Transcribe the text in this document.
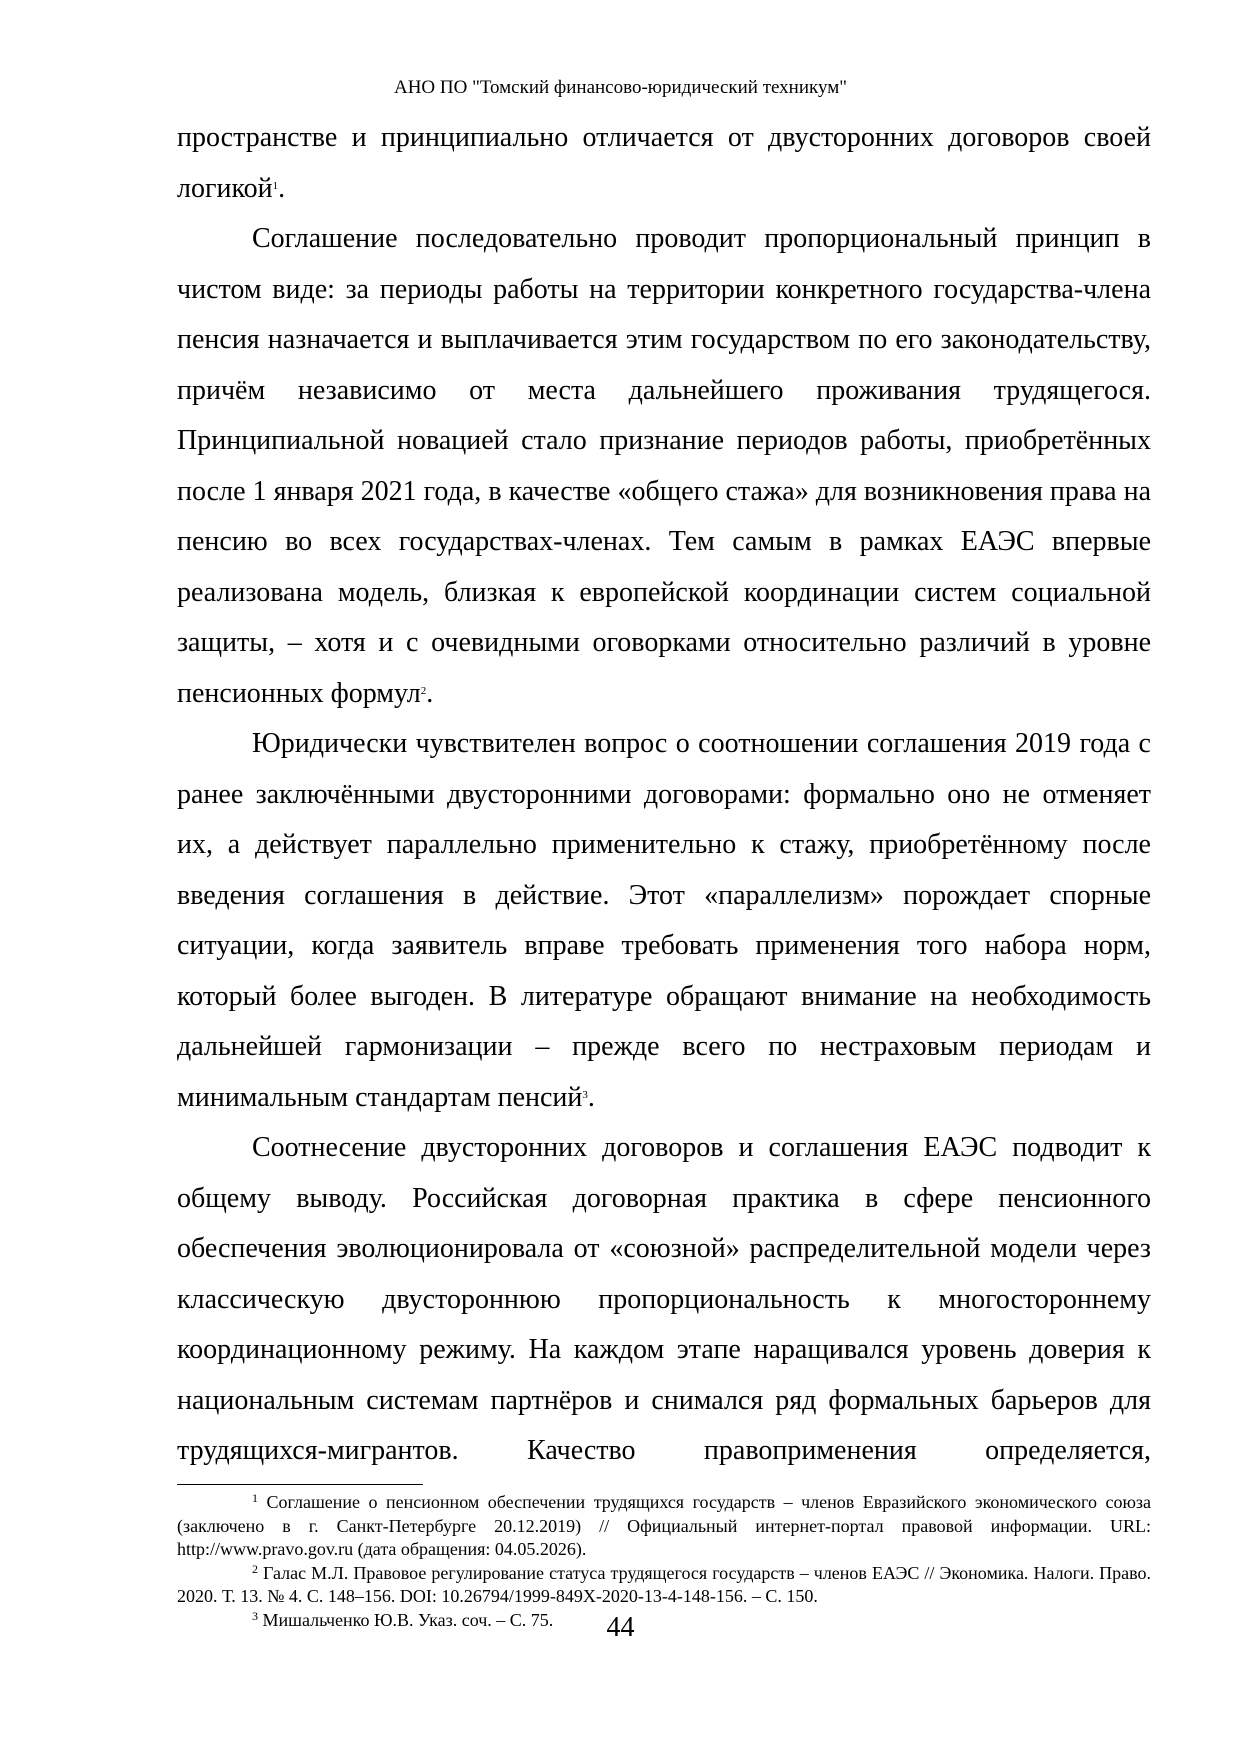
АНО ПО "Томский финансово-юридический техникум"

пространстве и принципиально отличается от двусторонних договоров своей логикой$^1$.

Соглашение последовательно проводит пропорциональный принцип в чистом виде: за периоды работы на территории конкретного государства-члена пенсия назначается и выплачивается этим государством по его законодательству, причём независимо от места дальнейшего проживания трудящегося. Принципиальной новацией стало признание периодов работы, приобретённых после 1 января 2021 года, в качестве «общего стажа» для возникновения права на пенсию во всех государствах-членах. Тем самым в рамках ЕАЭС впервые реализована модель, близкая к европейской координации систем социальной защиты, – хотя и с очевидными оговорками относительно различий в уровне пенсионных формул$^2$.

Юридически чувствителен вопрос о соотношении соглашения 2019 года с ранее заключёнными двусторонними договорами: формально оно не отменяет их, а действует параллельно применительно к стажу, приобретённому после введения соглашения в действие. Этот «параллелизм» порождает спорные ситуации, когда заявитель вправе требовать применения того набора норм, который более выгоден. В литературе обращают внимание на необходимость дальнейшей гармонизации – прежде всего по нестраховым периодам и минимальным стандартам пенсий$^3$.

Соотнесение двусторонних договоров и соглашения ЕАЭС подводит к общему выводу. Российская договорная практика в сфере пенсионного обеспечения эволюционировала от «союзной» распределительной модели через классическую двустороннюю пропорциональность к многостороннему координационному режиму. На каждом этапе наращивался уровень доверия к национальным системам партнёров и снимался ряд формальных барьеров для трудящихся-мигрантов. Качество правоприменения определяется,

$^1$ Соглашение о пенсионном обеспечении трудящихся государств – членов Евразийского экономического союза (заключено в г. Санкт-Петербурге 20.12.2019) // Официальный интернет-портал правовой информации. URL: http://www.pravo.gov.ru (дата обращения: 04.05.2026).

$^2$ Галас М.Л. Правовое регулирование статуса трудящегося государств – членов ЕАЭС // Экономика. Налоги. Право. 2020. Т. 13. № 4. С. 148–156. DOI: 10.26794/1999-849X-2020-13-4-148-156. – С. 150.

$^3$ Мишальченко Ю.В. Указ. соч. – С. 75.	44
